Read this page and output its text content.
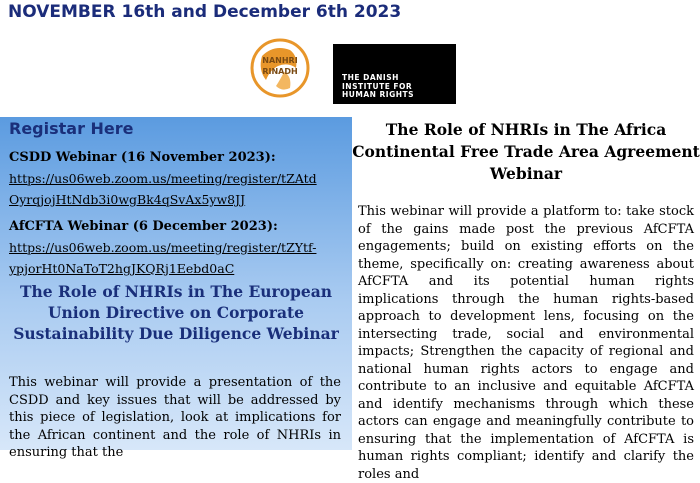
NOVEMBER 16th and December 6th 2023
NANHRI
RINADH
THE DANISH
INSTITUTE FOR
HUMAN RIGHTS
Registar Here
CSDD Webinar (16 November 2023):
https://us06web.zoom.us/meeting/register/tZAtd
OyrqjojHtNdb3i0wgBk4qSvAx5yw8JJ
AfCFTA Webinar (6 December 2023):
https://us06web.zoom.us/meeting/register/tZYtf-
ypjorHt0NaToT2hgJKQRj1Eebd0aC
The Role of NHRIs in The European Union Directive on Corporate Sustainability Due Diligence Webinar
This webinar will provide a presentation of the CSDD and key issues that will be addressed by this piece of legislation, look at implications for the African continent and the role of NHRIs in ensuring that the
The Role of NHRIs in The Africa Continental Free Trade Area Agreement Webinar
This webinar will provide a platform to: take stock of the gains made post the previous AfCFTA engagements; build on existing efforts on the theme, specifically on: creating awareness about AfCFTA and its potential human rights implications through the human rights-based approach to development lens, focusing on the intersecting trade, social and environmental impacts; Strengthen the capacity of regional and national human rights actors to engage and contribute to an inclusive and equitable AfCFTA and identify mechanisms through which these actors can engage and meaningfully contribute to ensuring that the implementation of AfCFTA is human rights compliant; identify and clarify the roles and
